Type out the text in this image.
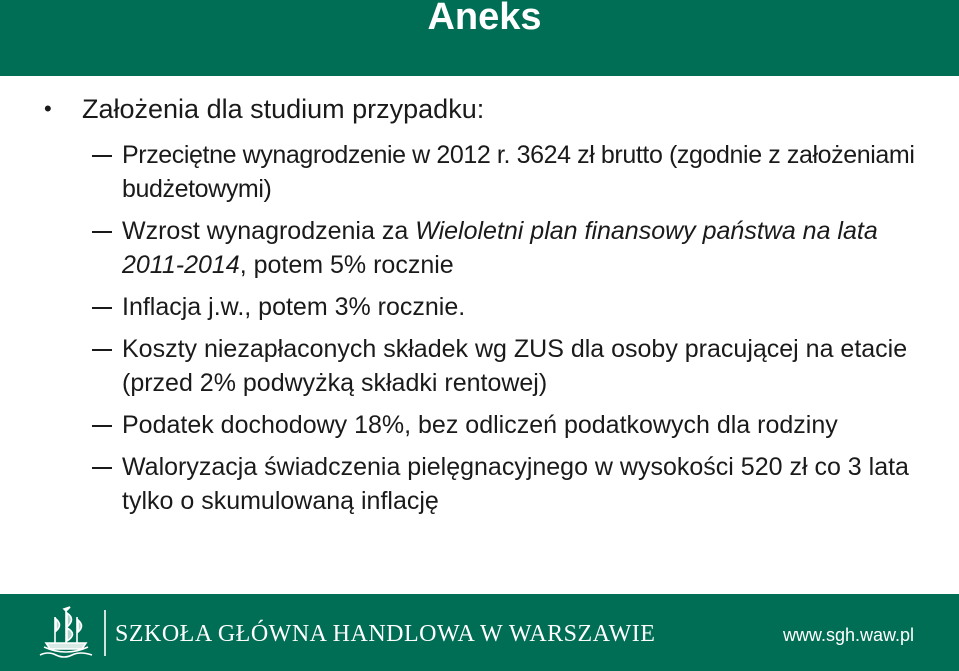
Aneks
•	Założenia dla studium przypadku:
Przeciętne wynagrodzenie w 2012 r. 3624 zł brutto (zgodnie z założeniami budżetowymi)
Wzrost wynagrodzenia za Wieloletni plan finansowy państwa na lata 2011-2014, potem 5% rocznie
Inflacja j.w., potem 3% rocznie.
Koszty niezapłaconych składek wg ZUS dla osoby pracującej na etacie (przed 2% podwyżką składki rentowej)
Podatek dochodowy 18%, bez odliczeń podatkowych dla rodziny
Waloryzacja świadczenia pielęgnacyjnego w wysokości 520 zł co 3 lata tylko o skumulowaną inflację
SZKOŁA GŁÓWNA HANDLOWA W WARSZAWIE	www.sgh.waw.pl
